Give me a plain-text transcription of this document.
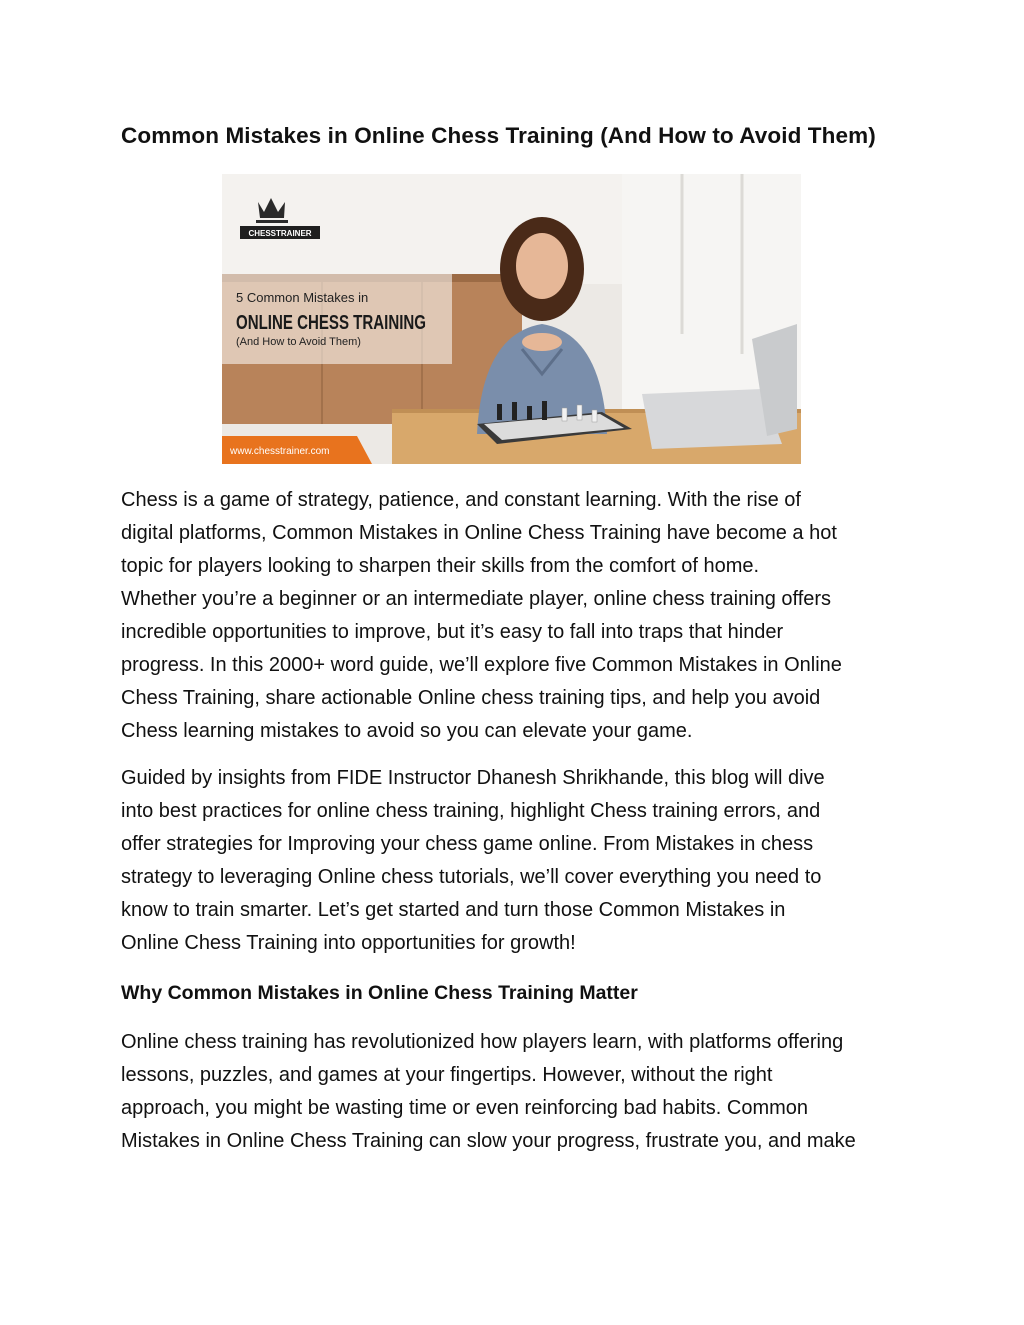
Common Mistakes in Online Chess Training (And How to Avoid Them)
CHESSTRAINER
5 Common Mistakes in
ONLINE CHESS TRAINING
(And How to Avoid Them)
www.chesstrainer.com

Chess is a game of strategy, patience, and constant learning. With the rise of
digital platforms, Common Mistakes in Online Chess Training have become a hot
topic for players looking to sharpen their skills from the comfort of home.
Whether you’re a beginner or an intermediate player, online chess training offers
incredible opportunities to improve, but it’s easy to fall into traps that hinder
progress. In this 2000+ word guide, we’ll explore five Common Mistakes in Online
Chess Training, share actionable Online chess training tips, and help you avoid
Chess learning mistakes to avoid so you can elevate your game.

Guided by insights from FIDE Instructor Dhanesh Shrikhande, this blog will dive
into best practices for online chess training, highlight Chess training errors, and
offer strategies for Improving your chess game online. From Mistakes in chess
strategy to leveraging Online chess tutorials, we’ll cover everything you need to
know to train smarter. Let’s get started and turn those Common Mistakes in
Online Chess Training into opportunities for growth!

Why Common Mistakes in Online Chess Training Matter

Online chess training has revolutionized how players learn, with platforms offering
lessons, puzzles, and games at your fingertips. However, without the right
approach, you might be wasting time or even reinforcing bad habits. Common
Mistakes in Online Chess Training can slow your progress, frustrate you, and make
